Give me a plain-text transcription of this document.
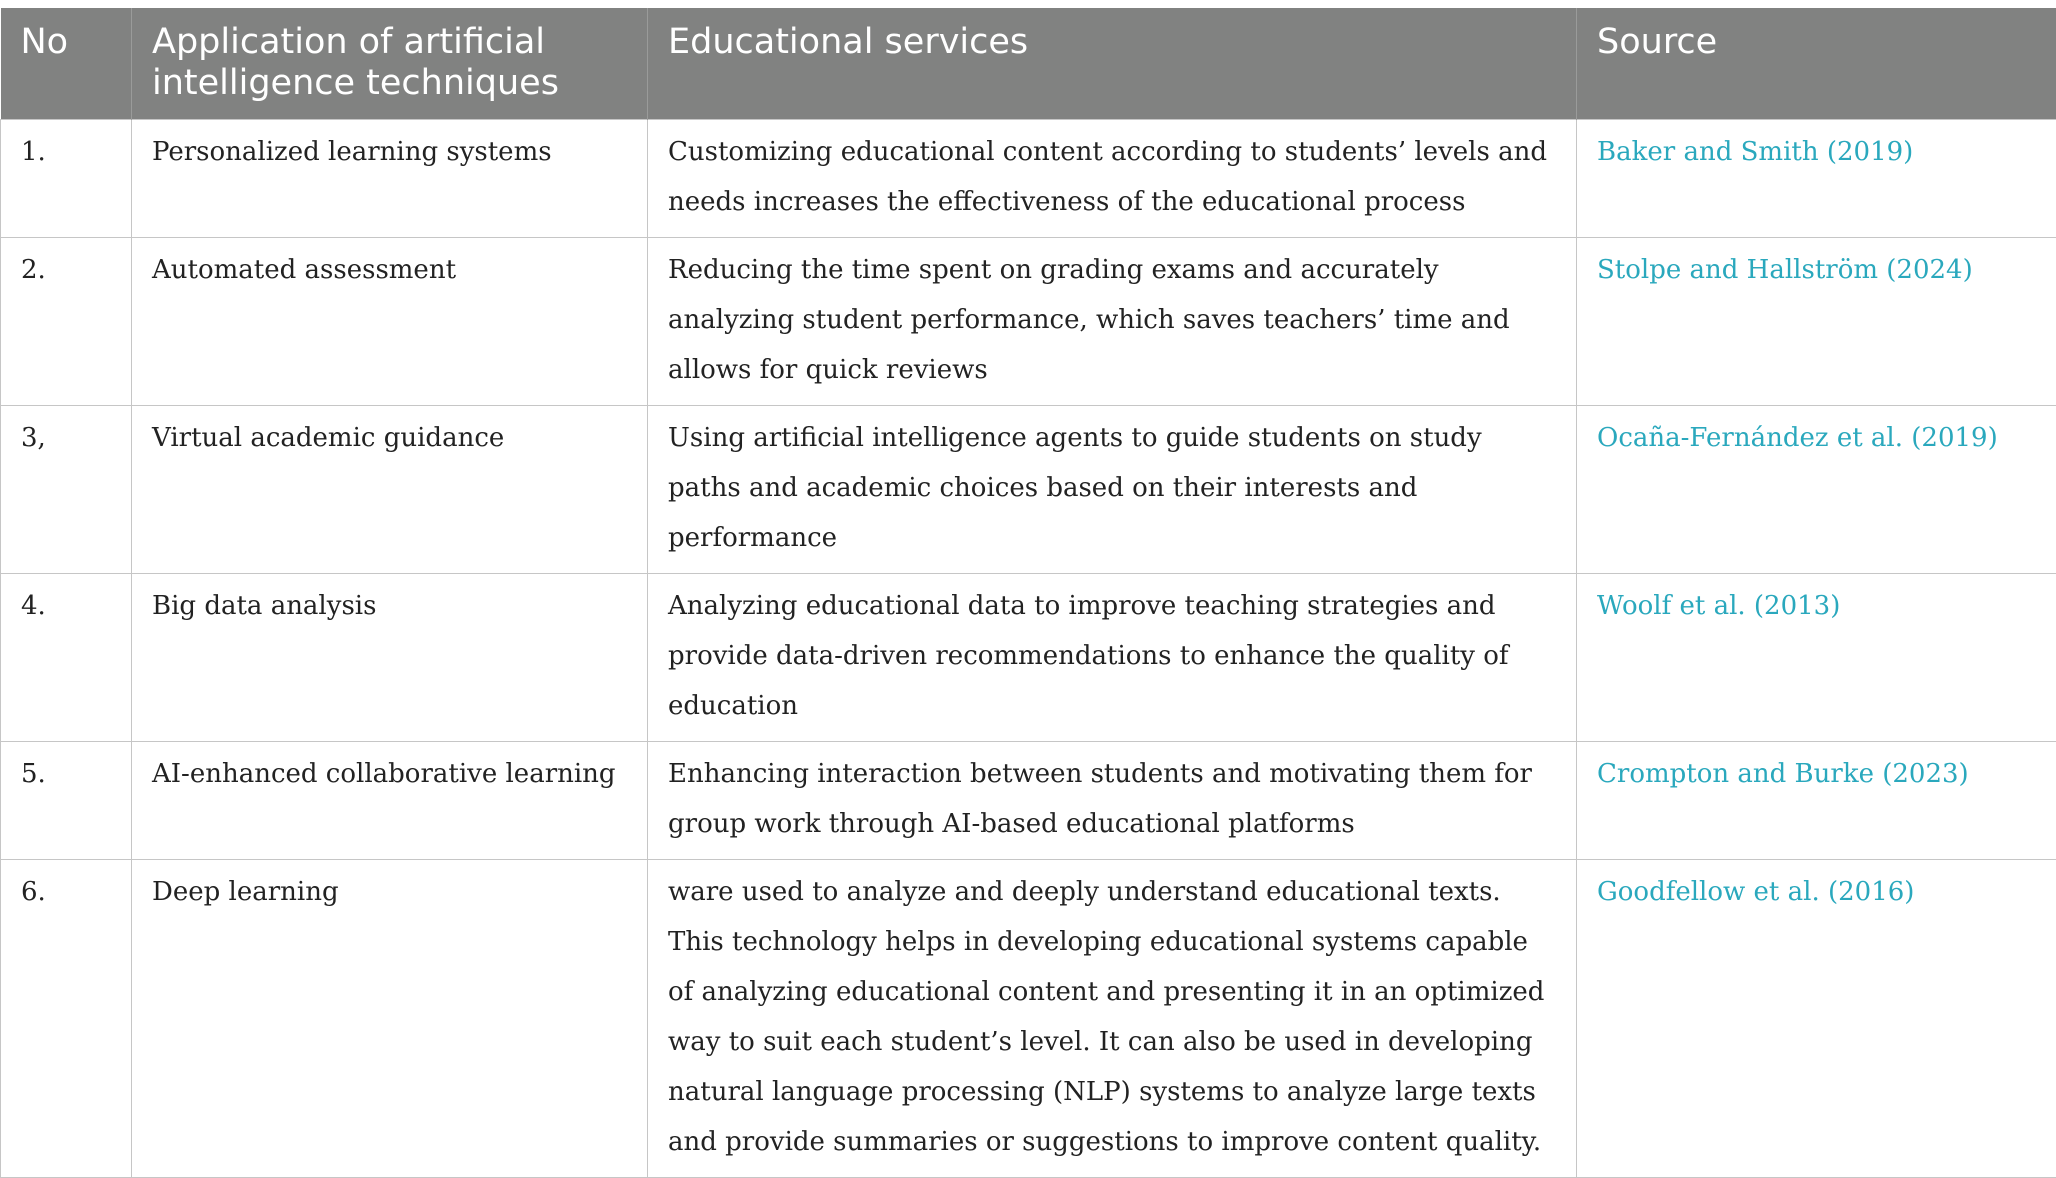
No	Application of artificial intelligence techniques	Educational services	Source
1.	Personalized learning systems	Customizing educational content according to students’ levels and needs increases the effectiveness of the educational process	Baker and Smith (2019)
2.	Automated assessment	Reducing the time spent on grading exams and accurately analyzing student performance, which saves teachers’ time and allows for quick reviews	Stolpe and Hallström (2024)
3,	Virtual academic guidance	Using artificial intelligence agents to guide students on study paths and academic choices based on their interests and performance	Ocaña-Fernández et al. (2019)
4.	Big data analysis	Analyzing educational data to improve teaching strategies and provide data-driven recommendations to enhance the quality of education	Woolf et al. (2013)
5.	AI-enhanced collaborative learning	Enhancing interaction between students and motivating them for group work through AI-based educational platforms	Crompton and Burke (2023)
6.	Deep learning	ware used to analyze and deeply understand educational texts. This technology helps in developing educational systems capable of analyzing educational content and presenting it in an optimized way to suit each student’s level. It can also be used in developing natural language processing (NLP) systems to analyze large texts and provide summaries or suggestions to improve content quality.	Goodfellow et al. (2016)
